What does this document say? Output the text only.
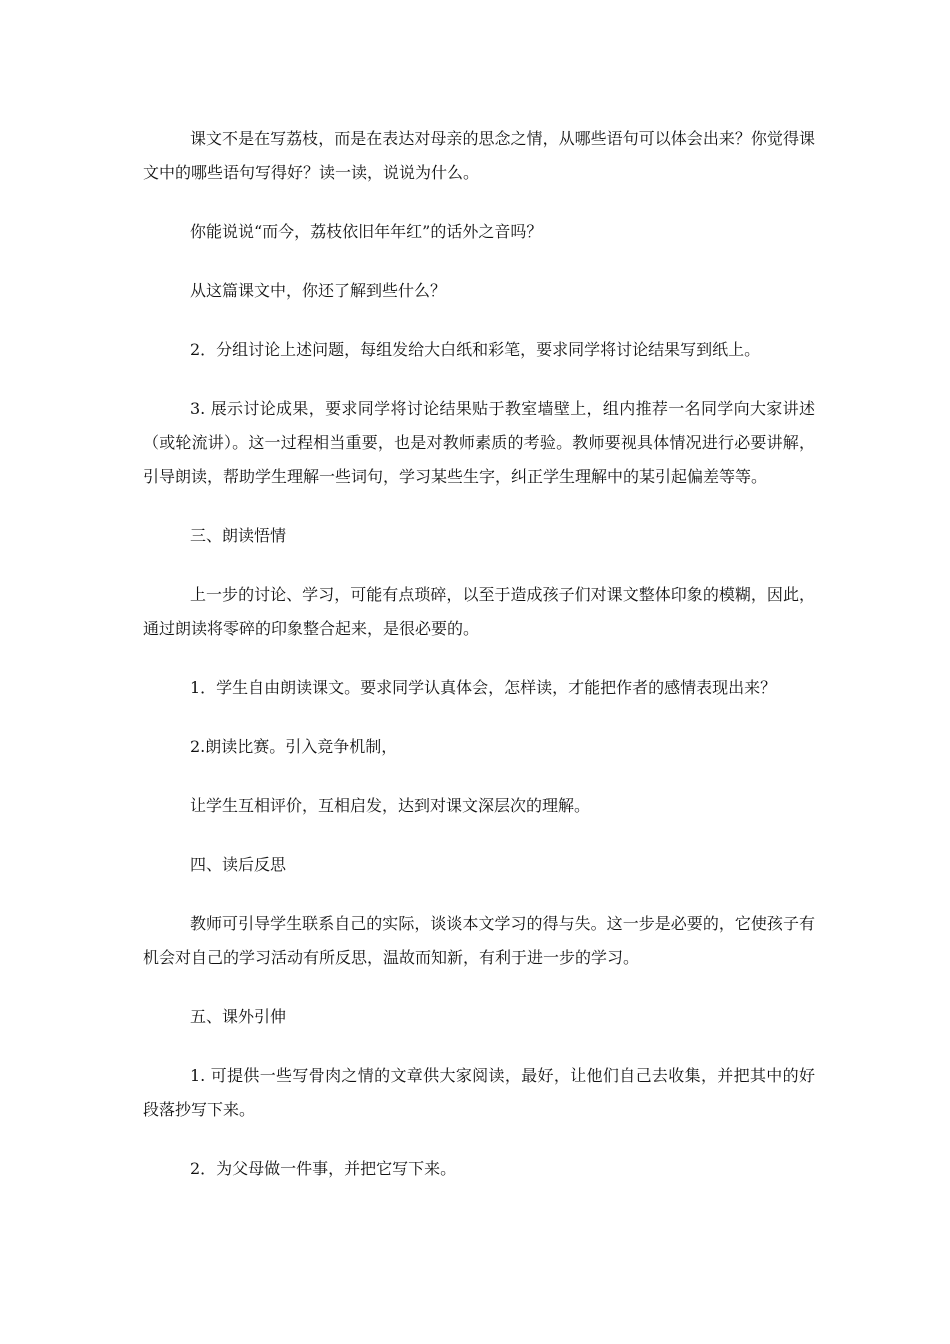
课文不是在写荔枝，而是在表达对母亲的思念之情，从哪些语句可以体会出来？你觉得课文中的哪些语句写得好？读一读，说说为什么。

你能说说“而今，荔枝依旧年年红”的话外之音吗？

从这篇课文中，你还了解到些什么？

2．分组讨论上述问题，每组发给大白纸和彩笔，要求同学将讨论结果写到纸上。

3. 展示讨论成果，要求同学将讨论结果贴于教室墙壁上，组内推荐一名同学向大家讲述（或轮流讲）。这一过程相当重要，也是对教师素质的考验。教师要视具体情况进行必要讲解，引导朗读，帮助学生理解一些词句，学习某些生字，纠正学生理解中的某引起偏差等等。

三、朗读悟情

上一步的讨论、学习，可能有点琐碎，以至于造成孩子们对课文整体印象的模糊，因此，通过朗读将零碎的印象整合起来，是很必要的。

1．学生自由朗读课文。要求同学认真体会，怎样读，才能把作者的感情表现出来？

2.朗读比赛。引入竞争机制，

让学生互相评价，互相启发，达到对课文深层次的理解。

四、读后反思

教师可引导学生联系自己的实际，谈谈本文学习的得与失。这一步是必要的，它使孩子有机会对自己的学习活动有所反思，温故而知新，有利于进一步的学习。

五、课外引伸

1. 可提供一些写骨肉之情的文章供大家阅读，最好，让他们自己去收集，并把其中的好段落抄写下来。

2．为父母做一件事，并把它写下来。
